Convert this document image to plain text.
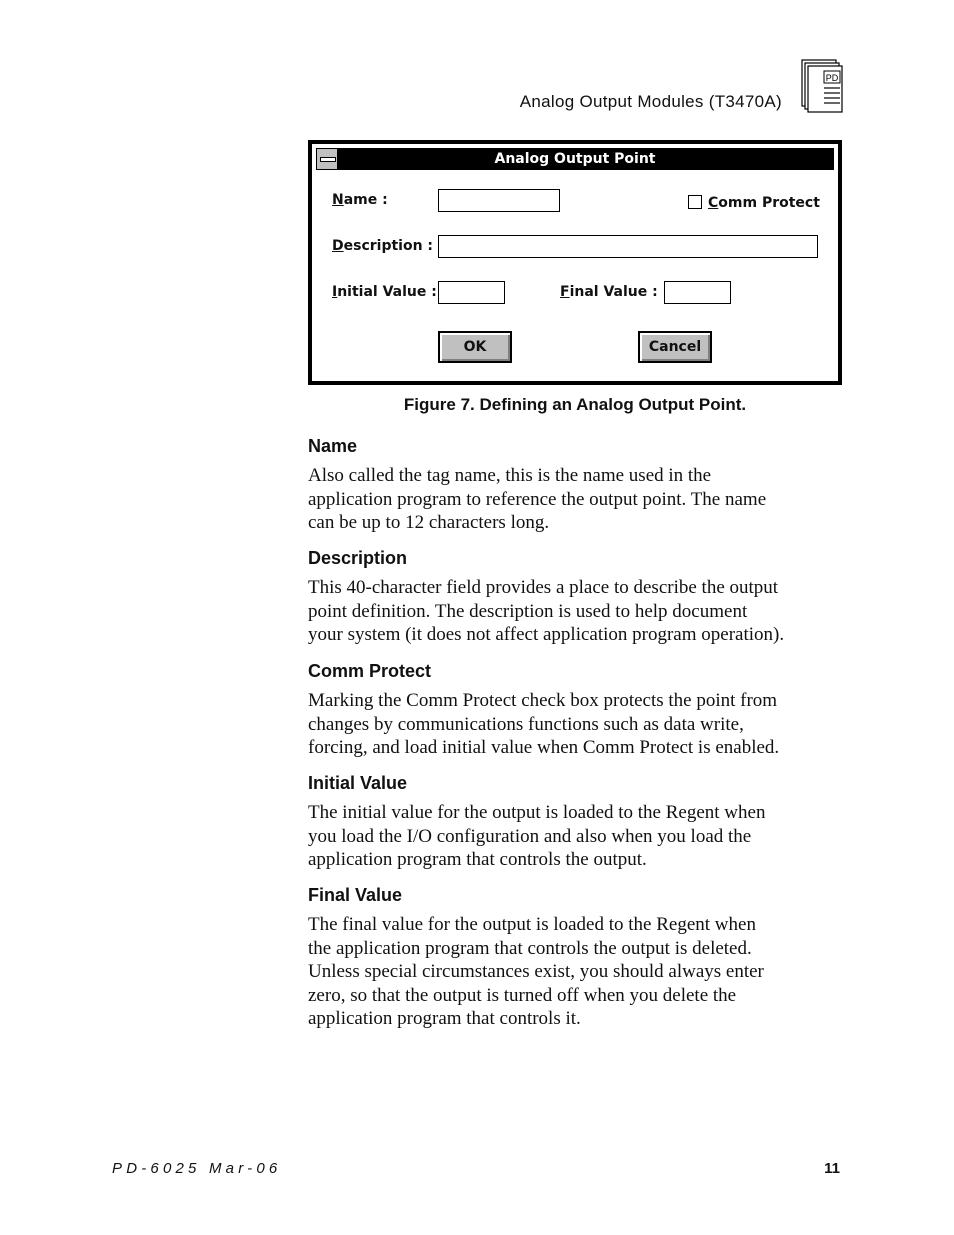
Analog Output Modules (T3470A)
PD
Analog Output Point
Name :	Comm Protect
Description :
Initial Value :	Final Value :
OK	Cancel
Figure 7. Defining an Analog Output Point.
Name
Also called the tag name, this is the name used in the
application program to reference the output point. The name
can be up to 12 characters long.
Description
This 40-character field provides a place to describe the output
point definition. The description is used to help document
your system (it does not affect application program operation).
Comm Protect
Marking the Comm Protect check box protects the point from
changes by communications functions such as data write,
forcing, and load initial value when Comm Protect is enabled.
Initial Value
The initial value for the output is loaded to the Regent when
you load the I/O configuration and also when you load the
application program that controls the output.
Final Value
The final value for the output is loaded to the Regent when
the application program that controls the output is deleted.
Unless special circumstances exist, you should always enter
zero, so that the output is turned off when you delete the
application program that controls it.
PD-6025 Mar-06	11
